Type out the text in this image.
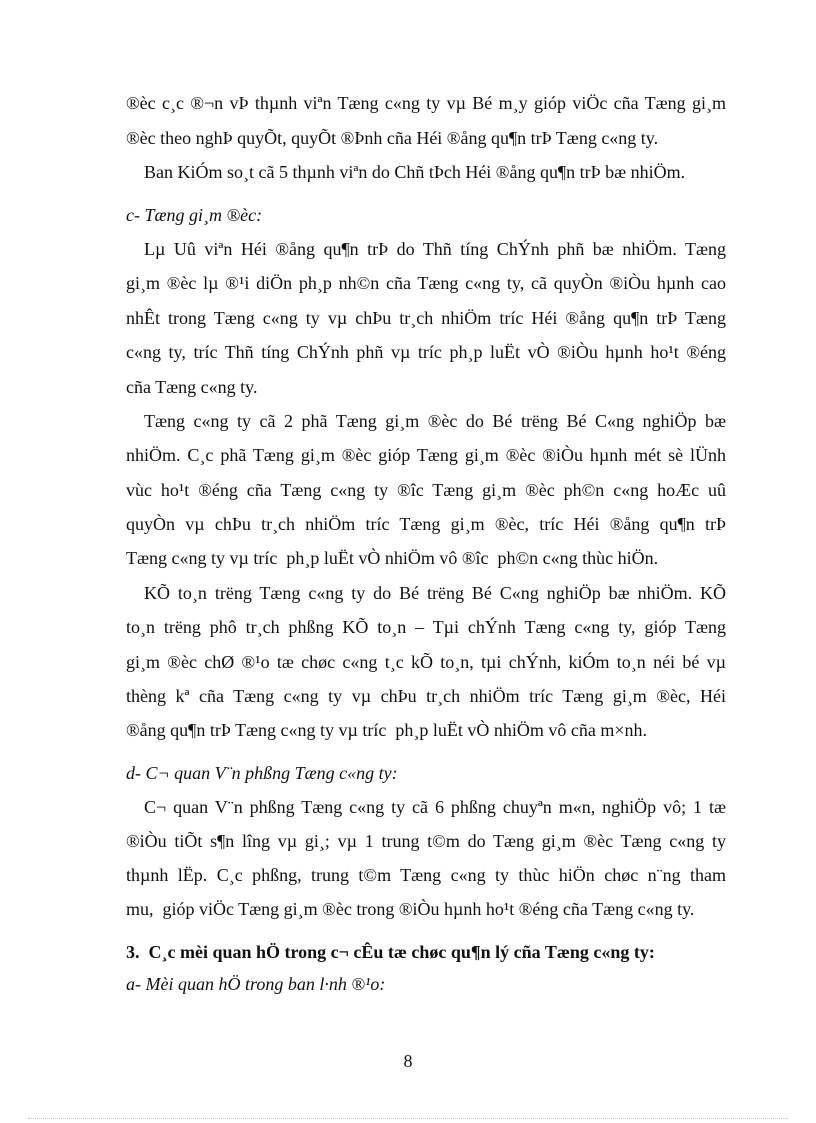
®èc c¸c ®¬n vÞ thµnh viªn Tæng c«ng ty vµ Bé m¸y gióp viÖc cña Tæng gi¸m
®èc theo nghÞ quyÕt, quyÕt ®Þnh cña Héi ®ång qu¶n trÞ Tæng c«ng ty.
Ban KiÓm so¸t cã 5 thµnh viªn do Chñ tÞch Héi ®ång qu¶n trÞ bæ nhiÖm.
c- Tæng gi¸m ®èc:
Lµ Uû viªn Héi ®ång qu¶n trÞ do Thñ tíng ChÝnh phñ bæ nhiÖm. Tæng
gi¸m ®èc lµ ®¹i diÖn ph¸p nh©n cña Tæng c«ng ty, cã quyÒn ®iÒu hµnh cao
nhÊt trong Tæng c«ng ty vµ chÞu tr¸ch nhiÖm tríc Héi ®ång qu¶n trÞ Tæng
c«ng ty, tríc Thñ tíng ChÝnh phñ vµ tríc ph¸p luËt vÒ ®iÒu hµnh ho¹t ®éng
cña Tæng c«ng ty.
Tæng c«ng ty cã 2 phã Tæng gi¸m ®èc do Bé trëng Bé C«ng nghiÖp bæ
nhiÖm. C¸c phã Tæng gi¸m ®èc gióp Tæng gi¸m ®èc ®iÒu hµnh mét sè lÜnh
vùc ho¹t ®éng cña Tæng c«ng ty ®îc Tæng gi¸m ®èc ph©n c«ng hoÆc uû
quyÒn vµ chÞu tr¸ch nhiÖm tríc Tæng gi¸m ®èc, tríc Héi ®ång qu¶n trÞ
Tæng c«ng ty vµ tríc  ph¸p luËt vÒ nhiÖm vô ®îc  ph©n c«ng thùc hiÖn.
KÕ to¸n trëng Tæng c«ng ty do Bé trëng Bé C«ng nghiÖp bæ nhiÖm. KÕ
to¸n trëng phô tr¸ch phßng KÕ to¸n – Tµi chÝnh Tæng c«ng ty, gióp Tæng
gi¸m ®èc chØ ®¹o tæ chøc c«ng t¸c kÕ to¸n, tµi chÝnh, kiÓm to¸n néi bé vµ
thèng kª cña Tæng c«ng ty vµ chÞu tr¸ch nhiÖm tríc Tæng gi¸m ®èc, Héi
®ång qu¶n trÞ Tæng c«ng ty vµ tríc  ph¸p luËt vÒ nhiÖm vô cña m×nh.
d- C¬ quan V¨n phßng Tæng c«ng ty:
C¬ quan V¨n phßng Tæng c«ng ty cã 6 phßng chuyªn m«n, nghiÖp vô; 1 tæ
®iÒu tiÕt s¶n lîng vµ gi¸; vµ 1 trung t©m do Tæng gi¸m ®èc Tæng c«ng ty
thµnh lËp. C¸c phßng, trung t©m Tæng c«ng ty thùc hiÖn chøc n¨ng tham
mu,  gióp viÖc Tæng gi¸m ®èc trong ®iÒu hµnh ho¹t ®éng cña Tæng c«ng ty.
3.  C¸c mèi quan hÖ trong c¬ cÊu tæ chøc qu¶n lý cña Tæng c«ng ty:
a- Mèi quan hÖ trong ban l·nh ®¹o:
8
